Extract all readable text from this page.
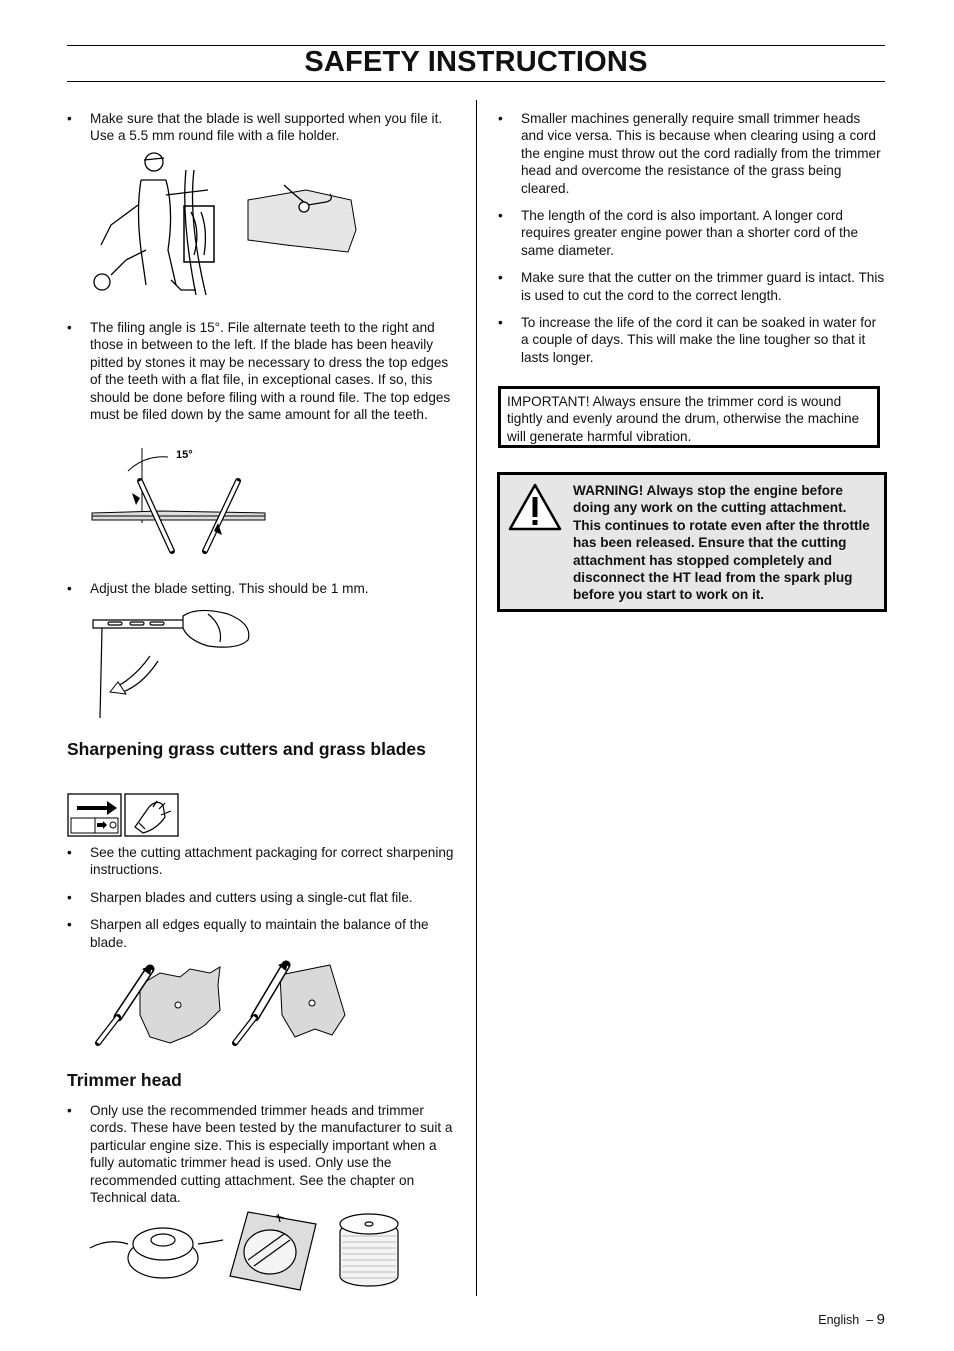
SAFETY INSTRUCTIONS
• Make sure that the blade is well supported when you file it. Use a 5.5 mm round file with a file holder.
• The filing angle is 15°. File alternate teeth to the right and those in between to the left. If the blade has been heavily pitted by stones it may be necessary to dress the top edges of the teeth with a flat file, in exceptional cases. If so, this should be done before filing with a round file. The top edges must be filed down by the same amount for all the teeth.
15°
• Adjust the blade setting. This should be 1 mm.
Sharpening grass cutters and grass blades
• See the cutting attachment packaging for correct sharpening instructions.
• Sharpen blades and cutters using a single-cut flat file.
• Sharpen all edges equally to maintain the balance of the blade.
Trimmer head
• Only use the recommended trimmer heads and trimmer cords. These have been tested by the manufacturer to suit a particular engine size. This is especially important when a fully automatic trimmer head is used. Only use the recommended cutting attachment. See the chapter on Technical data.
• Smaller machines generally require small trimmer heads and vice versa. This is because when clearing using a cord the engine must throw out the cord radially from the trimmer head and overcome the resistance of the grass being cleared.
• The length of the cord is also important. A longer cord requires greater engine power than a shorter cord of the same diameter.
• Make sure that the cutter on the trimmer guard is intact. This is used to cut the cord to the correct length.
• To increase the life of the cord it can be soaked in water for a couple of days. This will make the line tougher so that it lasts longer.
IMPORTANT! Always ensure the trimmer cord is wound tightly and evenly around the drum, otherwise the machine will generate harmful vibration.
WARNING! Always stop the engine before doing any work on the cutting attachment. This continues to rotate even after the throttle has been released. Ensure that the cutting attachment has stopped completely and disconnect the HT lead from the spark plug before you start to work on it.
English  – 9
